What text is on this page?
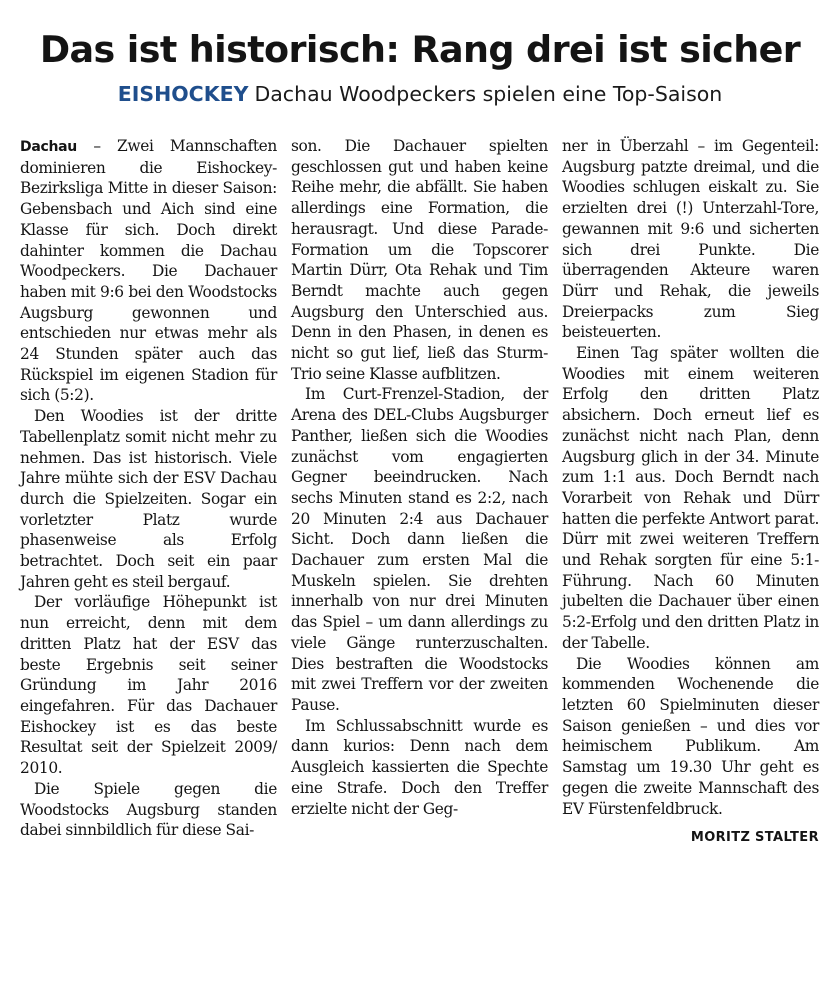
Das ist historisch: Rang drei ist sicher
EISHOCKEY Dachau Woodpeckers spielen eine Top-Saison

Dachau – Zwei Mannschaften dominieren die Eishockey-Bezirksliga Mitte in dieser Saison: Gebensbach und Aich sind eine Klasse für sich. Doch direkt dahinter kommen die Dachau Woodpeckers. Die Dachauer haben mit 9:6 bei den Woodstocks Augsburg gewonnen und entschieden nur etwas mehr als 24 Stunden später auch das Rückspiel im eigenen Stadion für sich (5:2).

Den Woodies ist der dritte Tabellenplatz somit nicht mehr zu nehmen. Das ist historisch. Viele Jahre mühte sich der ESV Dachau durch die Spielzeiten. Sogar ein vorletzter Platz wurde phasenweise als Erfolg betrachtet. Doch seit ein paar Jahren geht es steil bergauf.

Der vorläufige Höhepunkt ist nun erreicht, denn mit dem dritten Platz hat der ESV das beste Ergebnis seit seiner Gründung im Jahr 2016 eingefahren. Für das Dachauer Eishockey ist es das beste Resultat seit der Spielzeit 2009/ 2010.

Die Spiele gegen die Woodstocks Augsburg standen dabei sinnbildlich für diese Sai-

son. Die Dachauer spielten geschlossen gut und haben keine Reihe mehr, die abfällt. Sie haben allerdings eine Formation, die herausragt. Und diese Parade-Formation um die Topscorer Martin Dürr, Ota Rehak und Tim Berndt machte auch gegen Augsburg den Unterschied aus. Denn in den Phasen, in denen es nicht so gut lief, ließ das Sturm-Trio seine Klasse aufblitzen.

Im Curt-Frenzel-Stadion, der Arena des DEL-Clubs Augsburger Panther, ließen sich die Woodies zunächst vom engagierten Gegner beeindrucken. Nach sechs Minuten stand es 2:2, nach 20 Minuten 2:4 aus Dachauer Sicht. Doch dann ließen die Dachauer zum ersten Mal die Muskeln spielen. Sie drehten innerhalb von nur drei Minuten das Spiel – um dann allerdings zu viele Gänge runterzuschalten. Dies bestraften die Woodstocks mit zwei Treffern vor der zweiten Pause.

Im Schlussabschnitt wurde es dann kurios: Denn nach dem Ausgleich kassierten die Spechte eine Strafe. Doch den Treffer erzielte nicht der Geg-

ner in Überzahl – im Gegenteil: Augsburg patzte dreimal, und die Woodies schlugen eiskalt zu. Sie erzielten drei (!) Unterzahl-Tore, gewannen mit 9:6 und sicherten sich drei Punkte. Die überragenden Akteure waren Dürr und Rehak, die jeweils Dreierpacks zum Sieg beisteuerten.

Einen Tag später wollten die Woodies mit einem weiteren Erfolg den dritten Platz absichern. Doch erneut lief es zunächst nicht nach Plan, denn Augsburg glich in der 34. Minute zum 1:1 aus. Doch Berndt nach Vorarbeit von Rehak und Dürr hatten die perfekte Antwort parat. Dürr mit zwei weiteren Treffern und Rehak sorgten für eine 5:1-Führung. Nach 60 Minuten jubelten die Dachauer über einen 5:2-Erfolg und den dritten Platz in der Tabelle.

Die Woodies können am kommenden Wochenende die letzten 60 Spielminuten dieser Saison genießen – und dies vor heimischem Publikum. Am Samstag um 19.30 Uhr geht es gegen die zweite Mannschaft des EV Fürstenfeldbruck.

MORITZ STALTER
